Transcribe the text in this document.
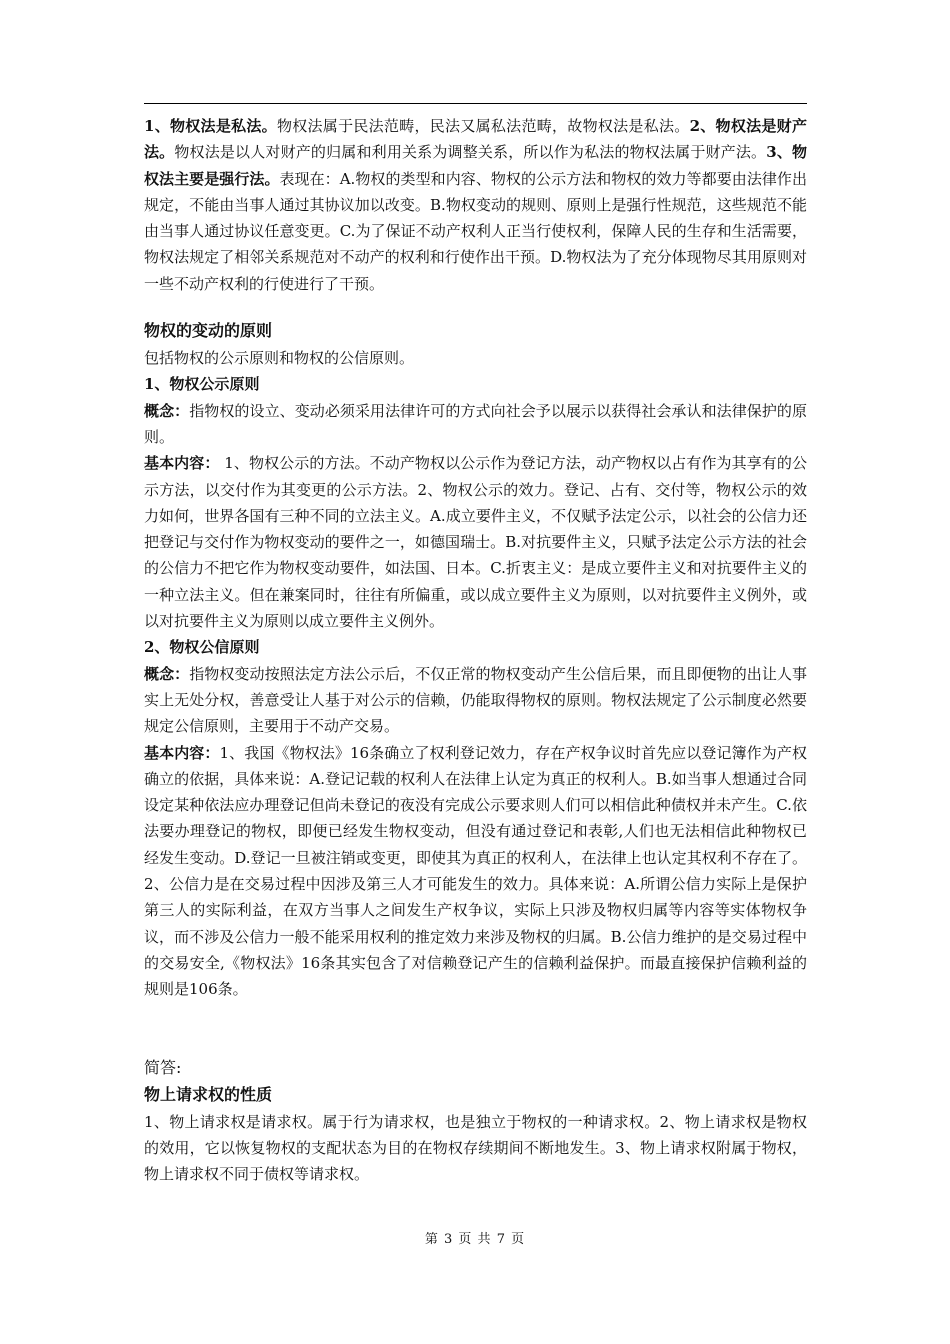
1、物权法是私法。物权法属于民法范畴，民法又属私法范畴，故物权法是私法。2、物权法是财产法。物权法是以人对财产的归属和利用关系为调整关系，所以作为私法的物权法属于财产法。3、物权法主要是强行法。表现在：A.物权的类型和内容、物权的公示方法和物权的效力等都要由法律作出规定，不能由当事人通过其协议加以改变。B.物权变动的规则、原则上是强行性规范，这些规范不能由当事人通过协议任意变更。C.为了保证不动产权利人正当行使权利，保障人民的生存和生活需要，物权法规定了相邻关系规范对不动产的权利和行使作出干预。D.物权法为了充分体现物尽其用原则对一些不动产权利的行使进行了干预。

物权的变动的原则

包括物权的公示原则和物权的公信原则。

1、物权公示原则

概念：指物权的设立、变动必须采用法律许可的方式向社会予以展示以获得社会承认和法律保护的原则。

基本内容： 1、物权公示的方法。不动产物权以公示作为登记方法，动产物权以占有作为其享有的公示方法，以交付作为其变更的公示方法。2、物权公示的效力。登记、占有、交付等，物权公示的效力如何，世界各国有三种不同的立法主义。A.成立要件主义，不仅赋予法定公示，以社会的公信力还把登记与交付作为物权变动的要件之一，如德国瑞士。B.对抗要件主义，只赋予法定公示方法的社会的公信力不把它作为物权变动要件，如法国、日本。C.折衷主义：是成立要件主义和对抗要件主义的一种立法主义。但在兼案同时，往往有所偏重，或以成立要件主义为原则，以对抗要件主义例外，或以对抗要件主义为原则以成立要件主义例外。

2、物权公信原则

概念：指物权变动按照法定方法公示后，不仅正常的物权变动产生公信后果，而且即便物的出让人事实上无处分权，善意受让人基于对公示的信赖，仍能取得物权的原则。物权法规定了公示制度必然要规定公信原则，主要用于不动产交易。

基本内容：1、我国《物权法》16条确立了权利登记效力，存在产权争议时首先应以登记簿作为产权确立的依据，具体来说：A.登记记载的权利人在法律上认定为真正的权利人。B.如当事人想通过合同设定某种依法应办理登记但尚未登记的夜没有完成公示要求则人们可以相信此种债权并未产生。C.依法要办理登记的物权，即便已经发生物权变动，但没有通过登记和表彰,人们也无法相信此种物权已经发生变动。D.登记一旦被注销或变更，即使其为真正的权利人，在法律上也认定其权利不存在了。2、公信力是在交易过程中因涉及第三人才可能发生的效力。具体来说：A.所谓公信力实际上是保护第三人的实际利益，在双方当事人之间发生产权争议，实际上只涉及物权归属等内容等实体物权争议，而不涉及公信力一般不能采用权利的推定效力来涉及物权的归属。B.公信力维护的是交易过程中的交易安全,《物权法》16条其实包含了对信赖登记产生的信赖利益保护。而最直接保护信赖利益的规则是106条。

简答:

物上请求权的性质

1、物上请求权是请求权。属于行为请求权，也是独立于物权的一种请求权。2、物上请求权是物权的效用，它以恢复物权的支配状态为目的在物权存续期间不断地发生。3、物上请求权附属于物权，物上请求权不同于债权等请求权。

第 3 页 共 7 页
